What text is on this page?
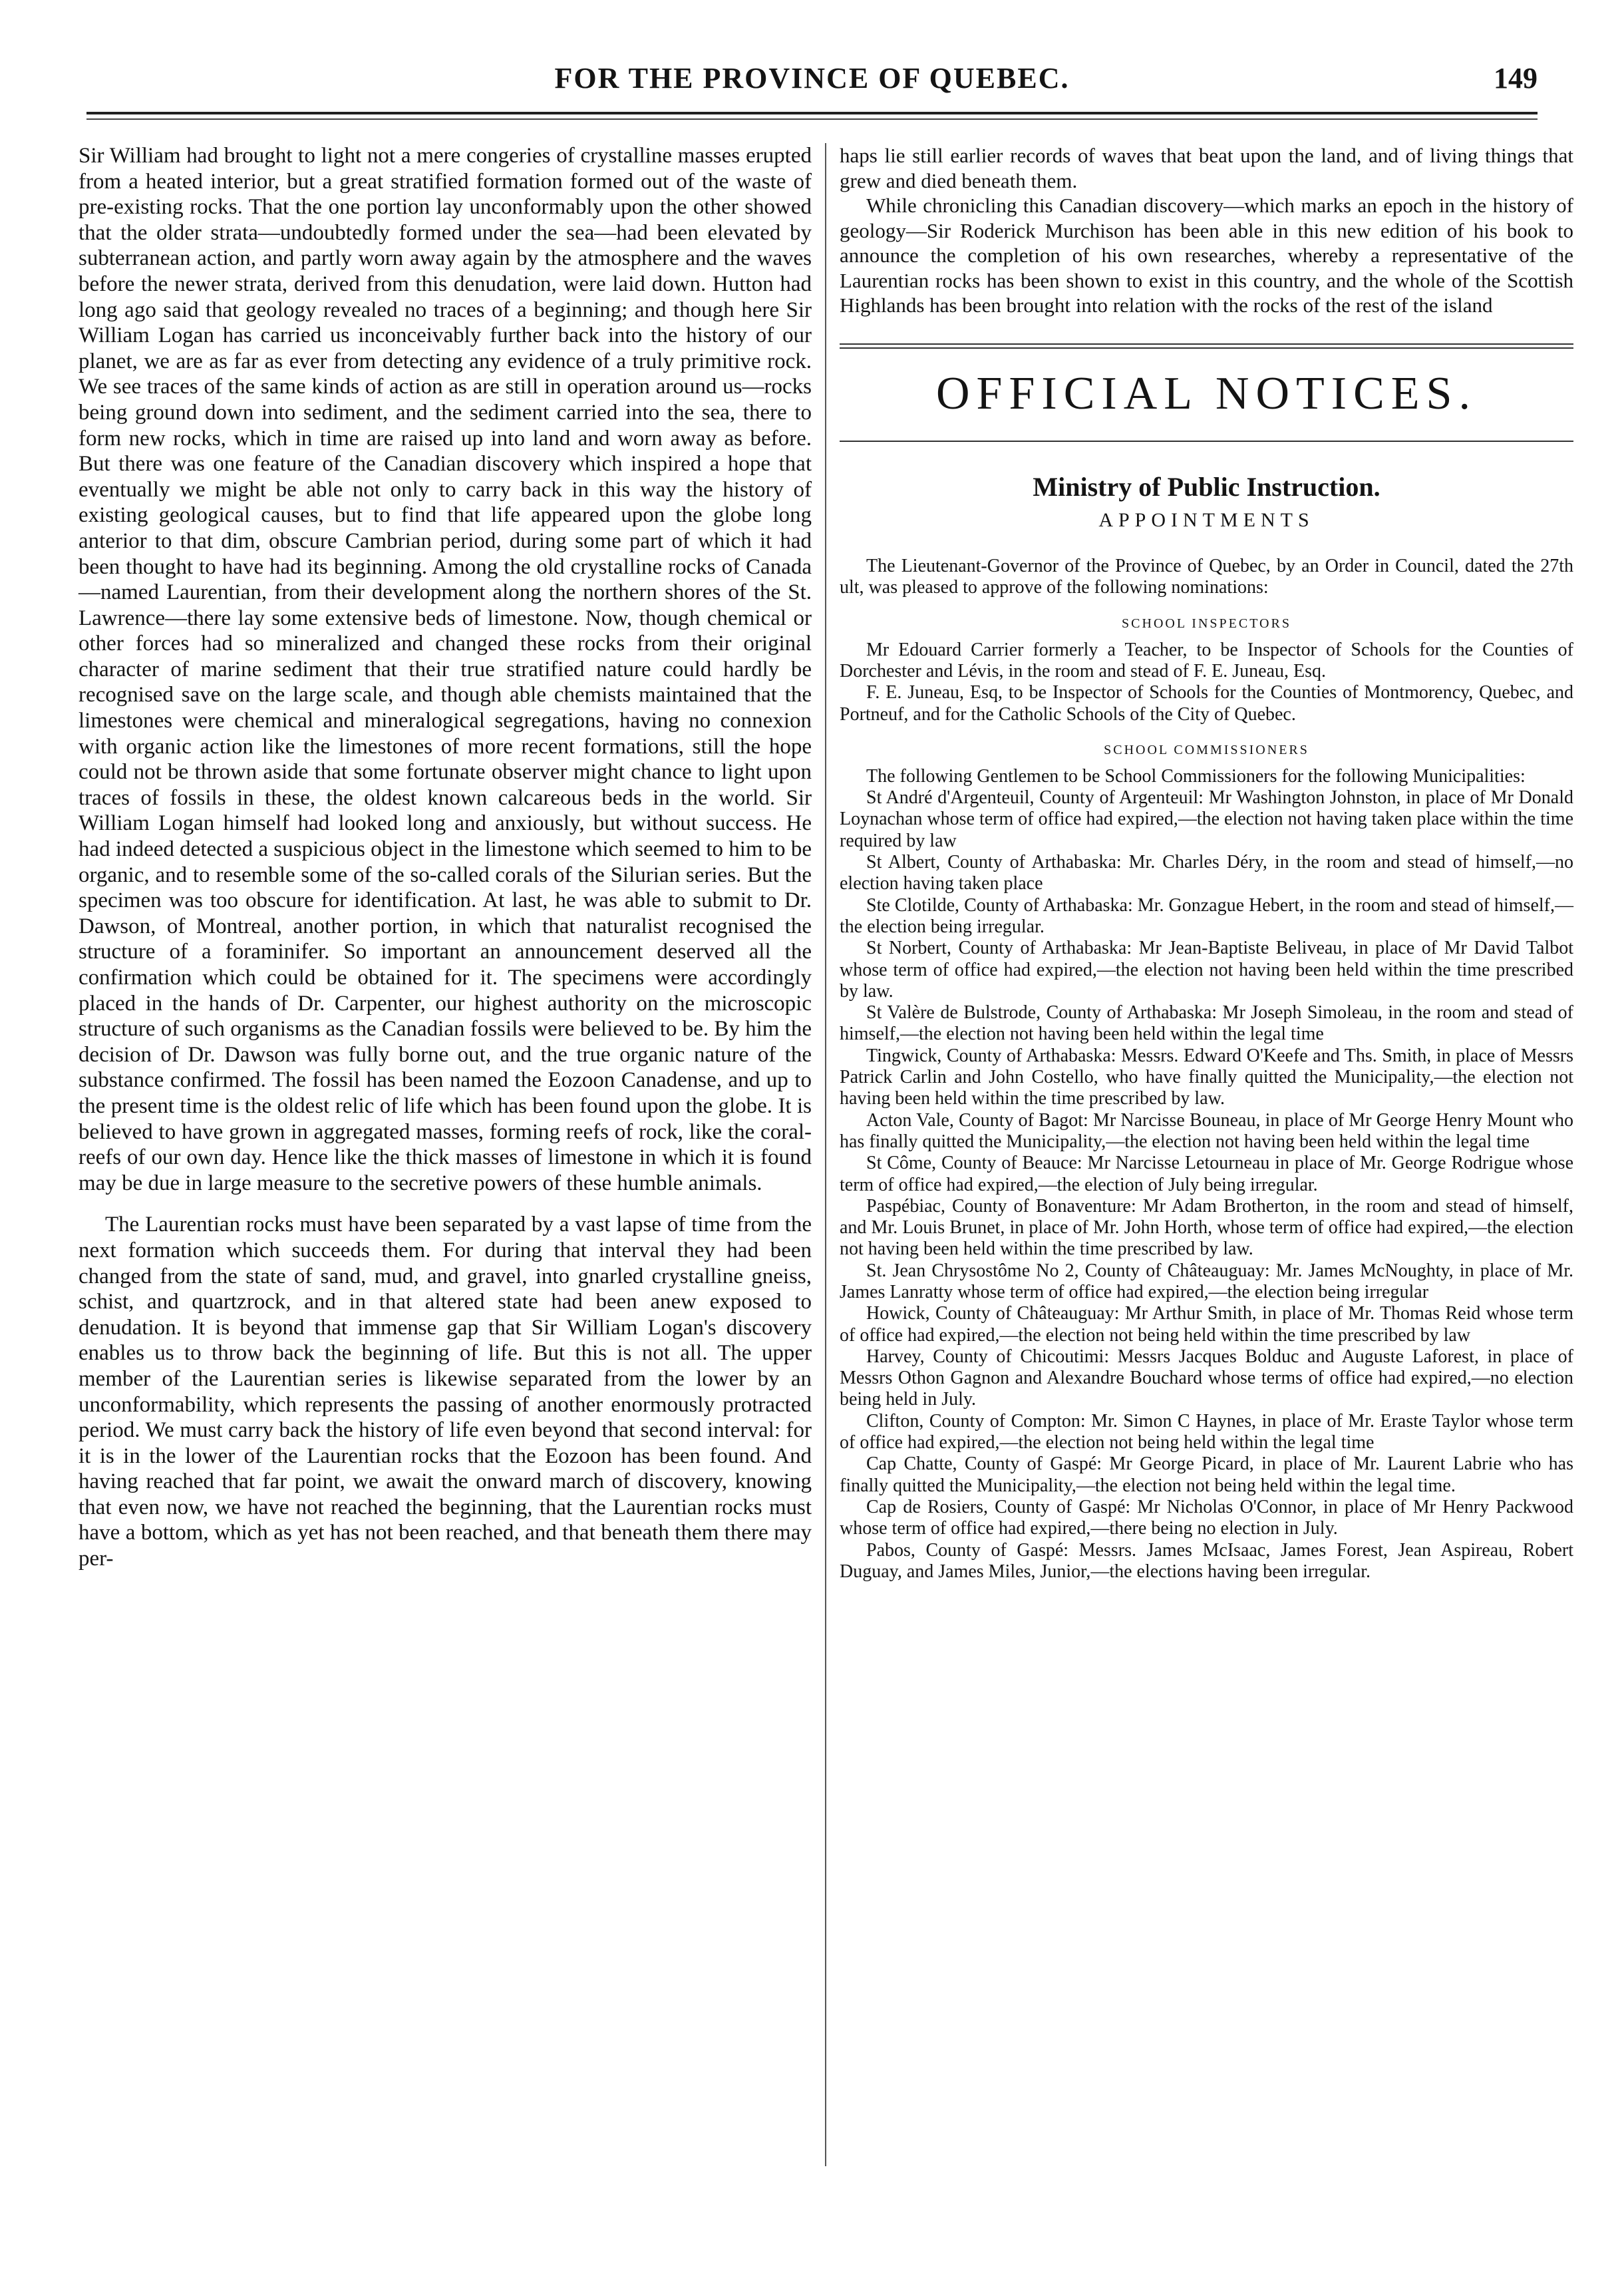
FOR THE PROVINCE OF QUEBEC.	149

Sir William had brought to light not a mere congeries of crystalline masses erupted from a heated interior, but a great stratified formation formed out of the waste of pre-existing rocks. That the one portion lay unconformably upon the other showed that the older strata—undoubtedly formed under the sea—had been elevated by subterranean action, and partly worn away again by the atmosphere and the waves before the newer strata, derived from this denudation, were laid down. Hutton had long ago said that geology revealed no traces of a beginning; and though here Sir William Logan has carried us inconceivably further back into the history of our planet, we are as far as ever from detecting any evidence of a truly primitive rock. We see traces of the same kinds of action as are still in operation around us—rocks being ground down into sediment, and the sediment carried into the sea, there to form new rocks, which in time are raised up into land and worn away as before. But there was one feature of the Canadian discovery which inspired a hope that eventually we might be able not only to carry back in this way the history of existing geological causes, but to find that life appeared upon the globe long anterior to that dim, obscure Cambrian period, during some part of which it had been thought to have had its beginning. Among the old crystalline rocks of Canada—named Laurentian, from their development along the northern shores of the St. Lawrence—there lay some extensive beds of limestone. Now, though chemical or other forces had so mineralized and changed these rocks from their original character of marine sediment that their true stratified nature could hardly be recognised save on the large scale, and though able chemists maintained that the limestones were chemical and mineralogical segregations, having no connexion with organic action like the limestones of more recent formations, still the hope could not be thrown aside that some fortunate observer might chance to light upon traces of fossils in these, the oldest known calcareous beds in the world. Sir William Logan himself had looked long and anxiously, but without success. He had indeed detected a suspicious object in the limestone which seemed to him to be organic, and to resemble some of the so-called corals of the Silurian series. But the specimen was too obscure for identification. At last, he was able to submit to Dr. Dawson, of Montreal, another portion, in which that naturalist recognised the structure of a foraminifer. So important an announcement deserved all the confirmation which could be obtained for it. The specimens were accordingly placed in the hands of Dr. Carpenter, our highest authority on the microscopic structure of such organisms as the Canadian fossils were believed to be. By him the decision of Dr. Dawson was fully borne out, and the true organic nature of the substance confirmed. The fossil has been named the Eozoon Canadense, and up to the present time is the oldest relic of life which has been found upon the globe. It is believed to have grown in aggregated masses, forming reefs of rock, like the coral-reefs of our own day. Hence like the thick masses of limestone in which it is found may be due in large measure to the secretive powers of these humble animals.

The Laurentian rocks must have been separated by a vast lapse of time from the next formation which succeeds them. For during that interval they had been changed from the state of sand, mud, and gravel, into gnarled crystalline gneiss, schist, and quartzrock, and in that altered state had been anew exposed to denudation. It is beyond that immense gap that Sir William Logan's discovery enables us to throw back the beginning of life. But this is not all. The upper member of the Laurentian series is likewise separated from the lower by an unconformability, which represents the passing of another enormously protracted period. We must carry back the history of life even beyond that second interval: for it is in the lower of the Laurentian rocks that the Eozoon has been found. And having reached that far point, we await the onward march of discovery, knowing that even now, we have not reached the beginning, that the Laurentian rocks must have a bottom, which as yet has not been reached, and that beneath them there may per-

haps lie still earlier records of waves that beat upon the land, and of living things that grew and died beneath them.

While chronicling this Canadian discovery—which marks an epoch in the history of geology—Sir Roderick Murchison has been able in this new edition of his book to announce the completion of his own researches, whereby a representative of the Laurentian rocks has been shown to exist in this country, and the whole of the Scottish Highlands has been brought into relation with the rocks of the rest of the island

OFFICIAL NOTICES.
Ministry of Public Instruction.
APPOINTMENTS

The Lieutenant-Governor of the Province of Quebec, by an Order in Council, dated the 27th ult, was pleased to approve of the following nominations:

SCHOOL INSPECTORS

Mr Edouard Carrier formerly a Teacher, to be Inspector of Schools for the Counties of Dorchester and Lévis, in the room and stead of F. E. Juneau, Esq.

F. E. Juneau, Esq, to be Inspector of Schools for the Counties of Montmorency, Quebec, and Portneuf, and for the Catholic Schools of the City of Quebec.

SCHOOL COMMISSIONERS

The following Gentlemen to be School Commissioners for the following Municipalities:

St André d'Argenteuil, County of Argenteuil: Mr Washington Johnston, in place of Mr Donald Loynachan whose term of office had expired,—the election not having taken place within the time required by law

St Albert, County of Arthabaska: Mr. Charles Déry, in the room and stead of himself,—no election having taken place

Ste Clotilde, County of Arthabaska: Mr. Gonzague Hebert, in the room and stead of himself,—the election being irregular.

St Norbert, County of Arthabaska: Mr Jean-Baptiste Beliveau, in place of Mr David Talbot whose term of office had expired,—the election not having been held within the time prescribed by law.

St Valère de Bulstrode, County of Arthabaska: Mr Joseph Simoleau, in the room and stead of himself,—the election not having been held within the legal time

Tingwick, County of Arthabaska: Messrs. Edward O'Keefe and Ths. Smith, in place of Messrs Patrick Carlin and John Costello, who have finally quitted the Municipality,—the election not having been held within the time prescribed by law.

Acton Vale, County of Bagot: Mr Narcisse Bouneau, in place of Mr George Henry Mount who has finally quitted the Municipality,—the election not having been held within the legal time

St Côme, County of Beauce: Mr Narcisse Letourneau in place of Mr. George Rodrigue whose term of office had expired,—the election of July being irregular.

Paspébiac, County of Bonaventure: Mr Adam Brotherton, in the room and stead of himself, and Mr. Louis Brunet, in place of Mr. John Horth, whose term of office had expired,—the election not having been held within the time prescribed by law.

St. Jean Chrysostôme No 2, County of Châteauguay: Mr. James McNoughty, in place of Mr. James Lanratty whose term of office had expired,—the election being irregular

Howick, County of Châteauguay: Mr Arthur Smith, in place of Mr. Thomas Reid whose term of office had expired,—the election not being held within the time prescribed by law

Harvey, County of Chicoutimi: Messrs Jacques Bolduc and Auguste Laforest, in place of Messrs Othon Gagnon and Alexandre Bouchard whose terms of office had expired,—no election being held in July.

Clifton, County of Compton: Mr. Simon C Haynes, in place of Mr. Eraste Taylor whose term of office had expired,—the election not being held within the legal time

Cap Chatte, County of Gaspé: Mr George Picard, in place of Mr. Laurent Labrie who has finally quitted the Municipality,—the election not being held within the legal time.

Cap de Rosiers, County of Gaspé: Mr Nicholas O'Connor, in place of Mr Henry Packwood whose term of office had expired,—there being no election in July.

Pabos, County of Gaspé: Messrs. James McIsaac, James Forest, Jean Aspireau, Robert Duguay, and James Miles, Junior,—the elections having been irregular.
